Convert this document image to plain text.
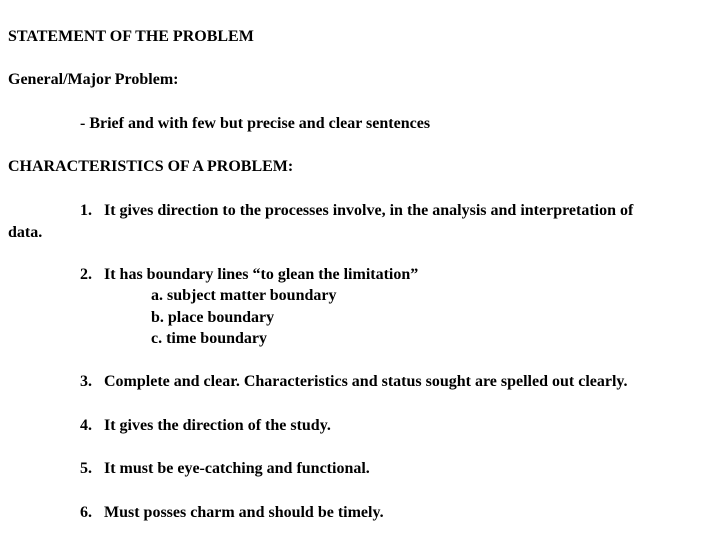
STATEMENT OF THE PROBLEM
General/Major Problem:
- Brief and with few but precise and clear sentences
CHARACTERISTICS OF A PROBLEM:
1. It gives direction to the processes involve, in the analysis and interpretation of
data.
2. It has boundary lines “to glean the limitation”
a. subject matter boundary
b. place boundary
c. time boundary
3. Complete and clear. Characteristics and status sought are spelled out clearly.
4. It gives the direction of the study.
5. It must be eye-catching and functional.
6. Must posses charm and should be timely.
